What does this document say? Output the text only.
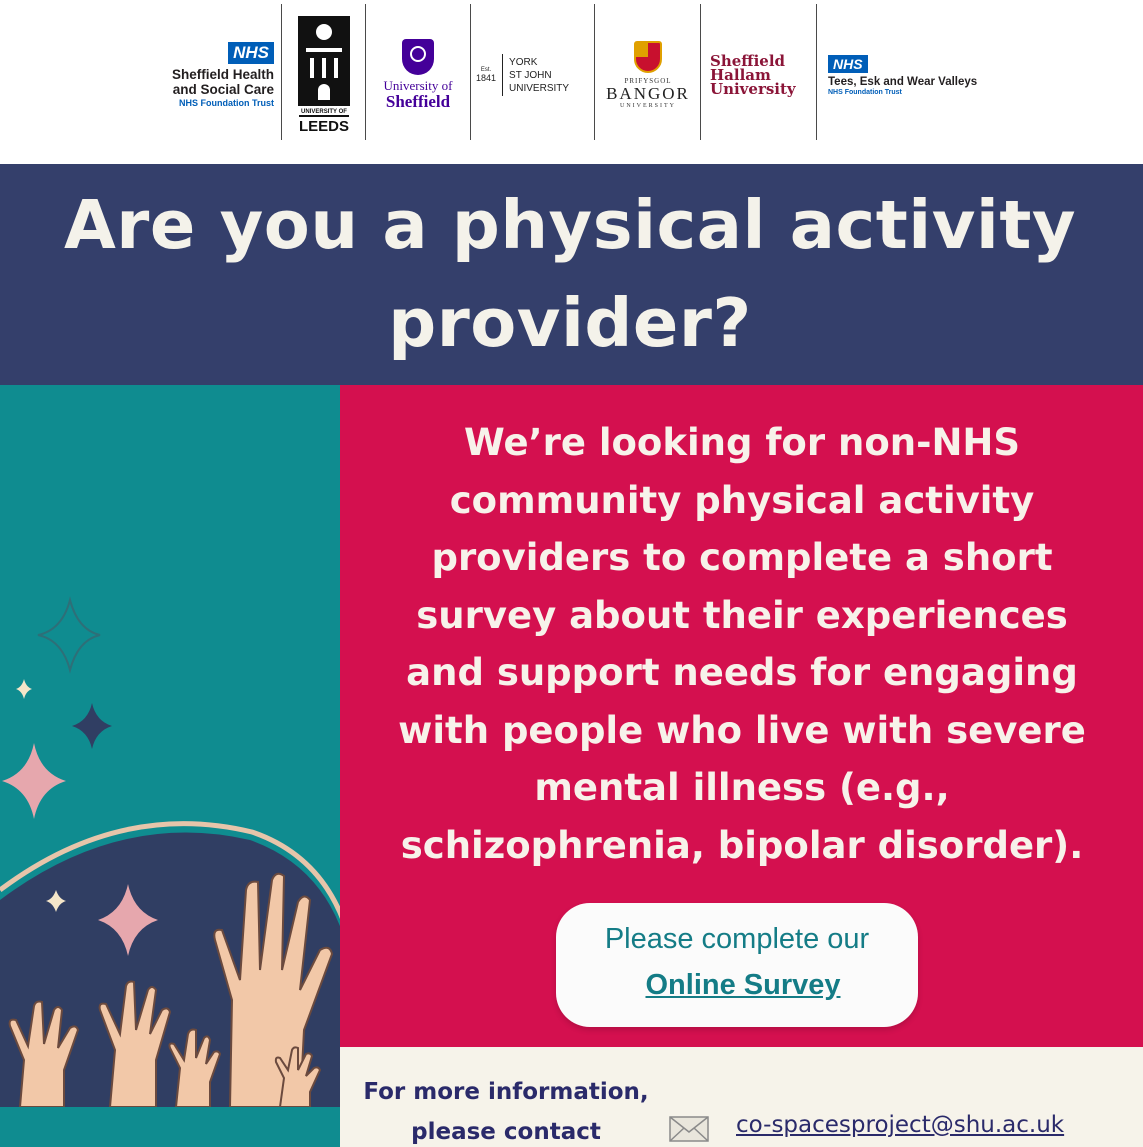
NHS
Sheffield Health
and Social Care
NHS Foundation Trust
UNIVERSITY OF
LEEDS
University of
Sheffield
Est.
1841
YORK
ST JOHN
UNIVERSITY
PRIFYSGOL
BANGOR
UNIVERSITY
Sheffield
Hallam
University
NHS
Tees, Esk and Wear Valleys
NHS Foundation Trust
Are you a physical activity
provider?
We’re looking for non-NHS
community physical activity
providers to complete a short
survey about their experiences
and support needs for engaging
with people who live with severe
mental illness (e.g.,
schizophrenia, bipolar disorder).
Please complete our
Online Survey
For more information,
please contact	co-spacesproject@shu.ac.uk
